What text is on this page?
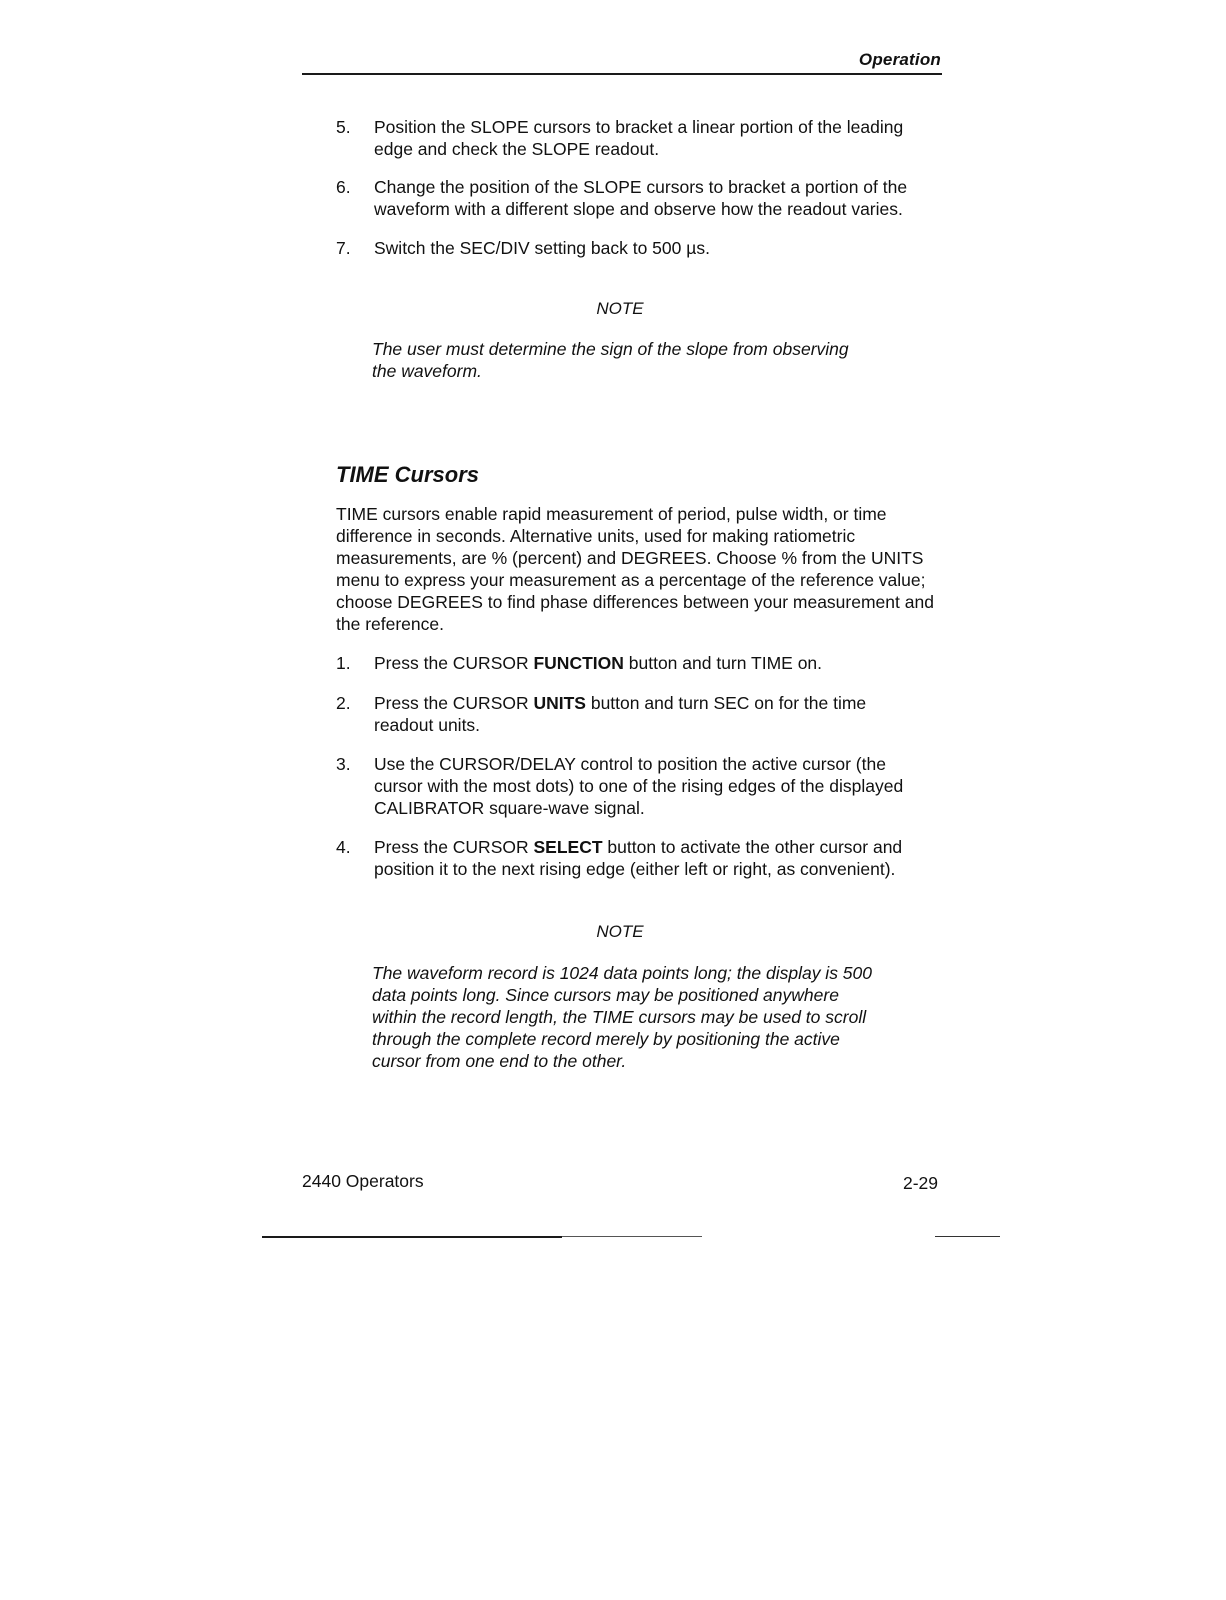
Operation
5.	Position the SLOPE cursors to bracket a linear portion of the leading edge and check the SLOPE readout.
6.	Change the position of the SLOPE cursors to bracket a portion of the waveform with a different slope and observe how the readout varies.
7.	Switch the SEC/DIV setting back to 500 µs.
NOTE
The user must determine the sign of the slope from observing the waveform.
TIME Cursors
TIME cursors enable rapid measurement of period, pulse width, or time difference in seconds. Alternative units, used for making ratiometric measurements, are % (percent) and DEGREES. Choose % from the UNITS menu to express your measurement as a percentage of the reference value; choose DEGREES to find phase differences between your measurement and the reference.
1.	Press the CURSOR FUNCTION button and turn TIME on.
2.	Press the CURSOR UNITS button and turn SEC on for the time readout units.
3.	Use the CURSOR/DELAY control to position the active cursor (the cursor with the most dots) to one of the rising edges of the displayed CALIBRATOR square-wave signal.
4.	Press the CURSOR SELECT button to activate the other cursor and position it to the next rising edge (either left or right, as convenient).
NOTE
The waveform record is 1024 data points long; the display is 500 data points long. Since cursors may be positioned anywhere within the record length, the TIME cursors may be used to scroll through the complete record merely by positioning the active cursor from one end to the other.
2440 Operators	2-29
